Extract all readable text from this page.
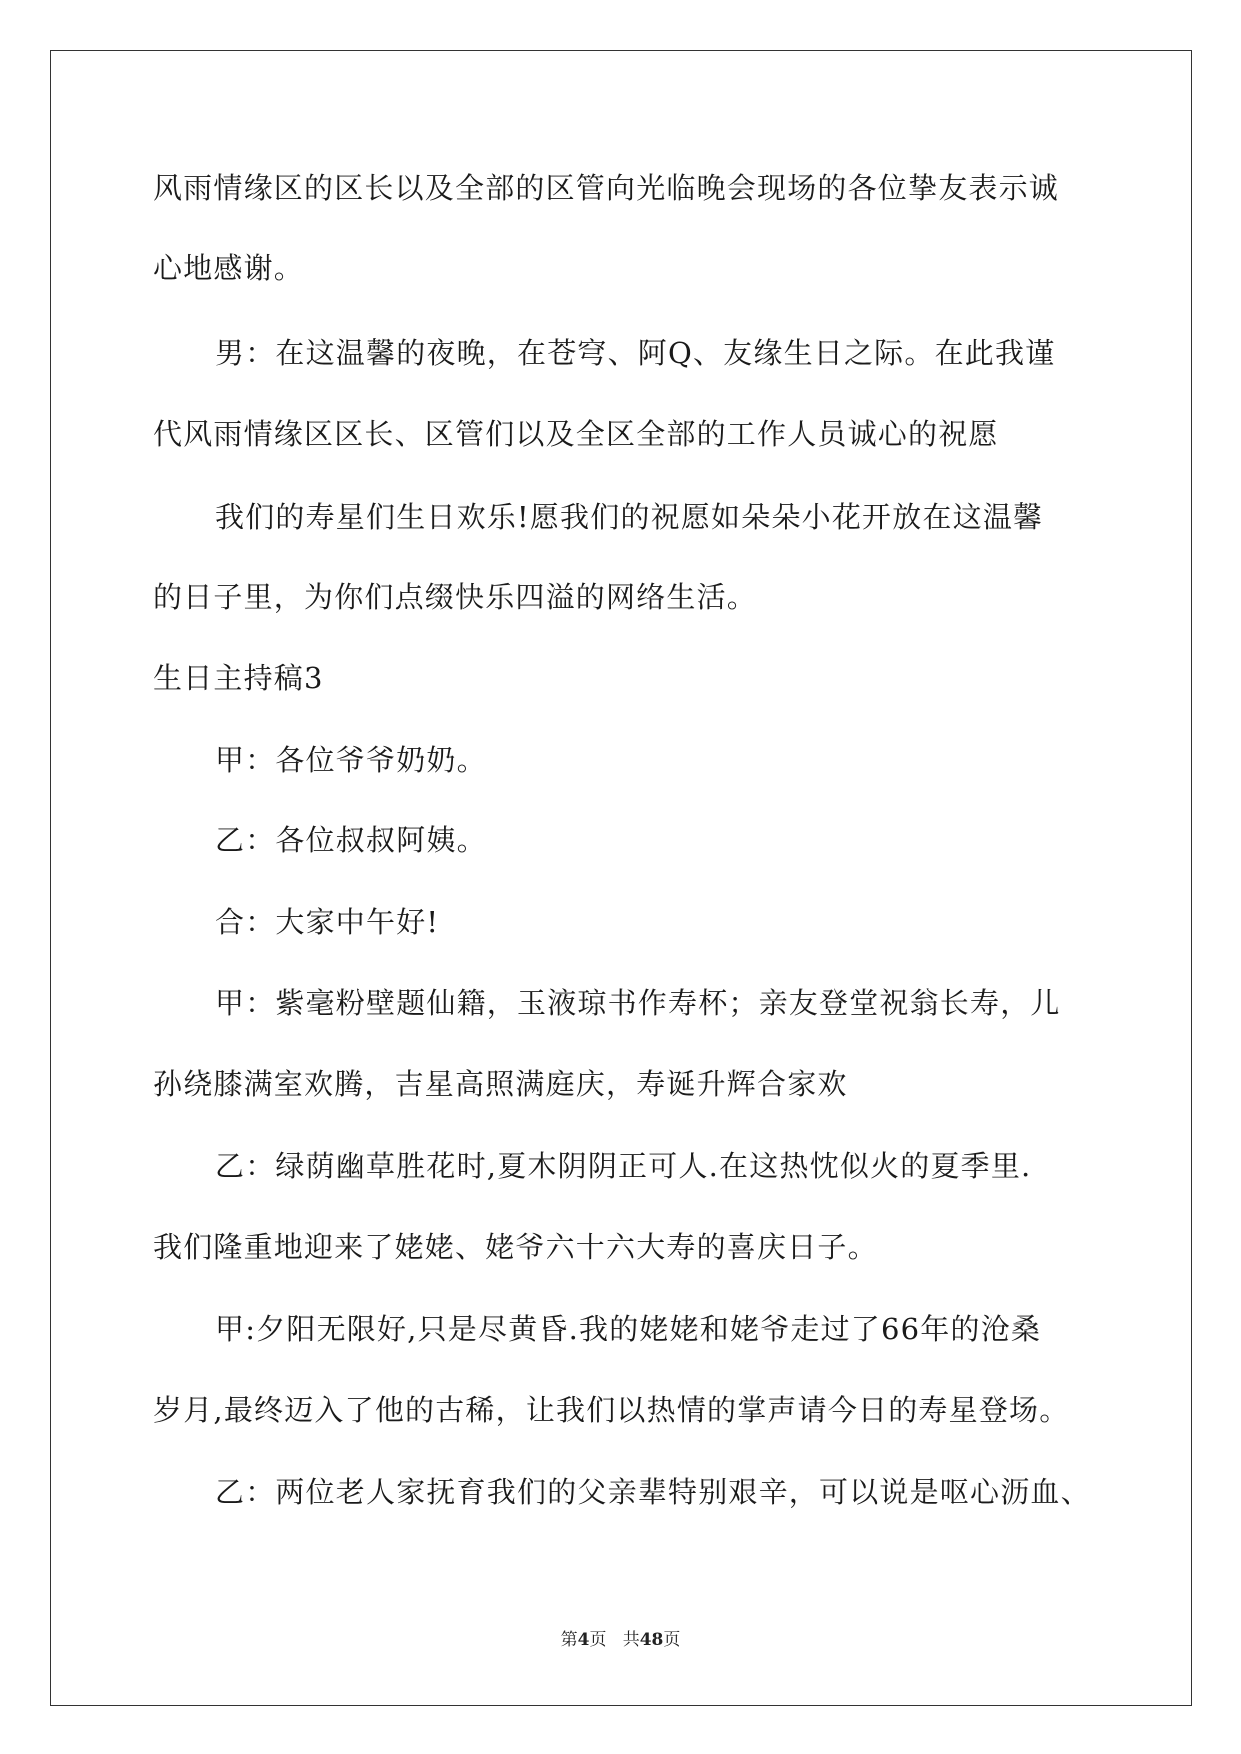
风雨情缘区的区长以及全部的区管向光临晚会现场的各位挚友表示诚
心地感谢。
男：在这温馨的夜晚，在苍穹、阿Q、友缘生日之际。在此我谨
代风雨情缘区区长、区管们以及全区全部的工作人员诚心的祝愿
我们的寿星们生日欢乐!愿我们的祝愿如朵朵小花开放在这温馨
的日子里，为你们点缀快乐四溢的网络生活。
生日主持稿3
甲：各位爷爷奶奶。
乙：各位叔叔阿姨。
合：大家中午好!
甲：紫毫粉壁题仙籍，玉液琼书作寿杯；亲友登堂祝翁长寿，儿
孙绕膝满室欢腾，吉星高照满庭庆，寿诞升辉合家欢
乙：绿荫幽草胜花时,夏木阴阴正可人.在这热忱似火的夏季里.
我们隆重地迎来了姥姥、姥爷六十六大寿的喜庆日子。
甲:夕阳无限好,只是尽黄昏.我的姥姥和姥爷走过了66年的沧桑
岁月,最终迈入了他的古稀，让我们以热情的掌声请今日的寿星登场。
乙：两位老人家抚育我们的父亲辈特别艰辛，可以说是呕心沥血、
第4页 共48页
